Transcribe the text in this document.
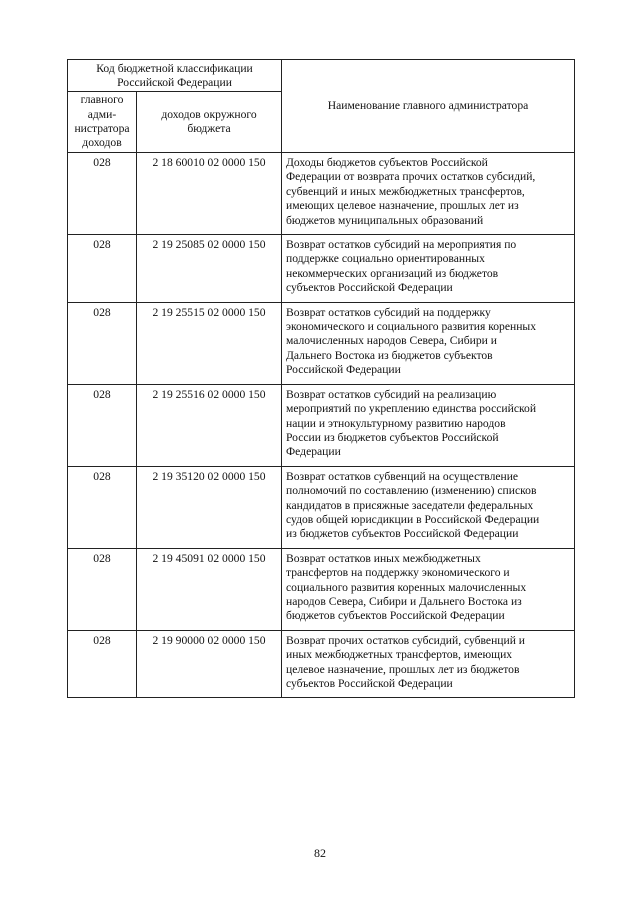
Код бюджетной классификации
Российской Федерации		Наименование главного администратора

главного
адми-
нистратора
доходов	доходов окружного
бюджета	

028	2 18 60010 02 0000 150	Доходы бюджетов субъектов Российской
Федерации от возврата прочих остатков субсидий,
субвенций и иных межбюджетных трансфертов,
имеющих целевое назначение, прошлых лет из
бюджетов муниципальных образований

028	2 19 25085 02 0000 150	Возврат остатков субсидий на мероприятия по
поддержке социально ориентированных
некоммерческих организаций из бюджетов
субъектов Российской Федерации

028	2 19 25515 02 0000 150	Возврат остатков субсидий на поддержку
экономического и социального развития коренных
малочисленных народов Севера, Сибири и
Дальнего Востока из бюджетов субъектов
Российской Федерации

028	2 19 25516 02 0000 150	Возврат остатков субсидий на реализацию
мероприятий по укреплению единства российской
нации и этнокультурному развитию народов
России из бюджетов субъектов Российской
Федерации

028	2 19 35120 02 0000 150	Возврат остатков субвенций на осуществление
полномочий по составлению (изменению) списков
кандидатов в присяжные заседатели федеральных
судов общей юрисдикции в Российской Федерации
из бюджетов субъектов Российской Федерации

028	2 19 45091 02 0000 150	Возврат остатков иных межбюджетных
трансфертов на поддержку экономического и
социального развития коренных малочисленных
народов Севера, Сибири и Дальнего Востока из
бюджетов субъектов Российской Федерации

028	2 19 90000 02 0000 150	Возврат прочих остатков субсидий, субвенций и
иных межбюджетных трансфертов, имеющих
целевое назначение, прошлых лет из бюджетов
субъектов Российской Федерации
82
